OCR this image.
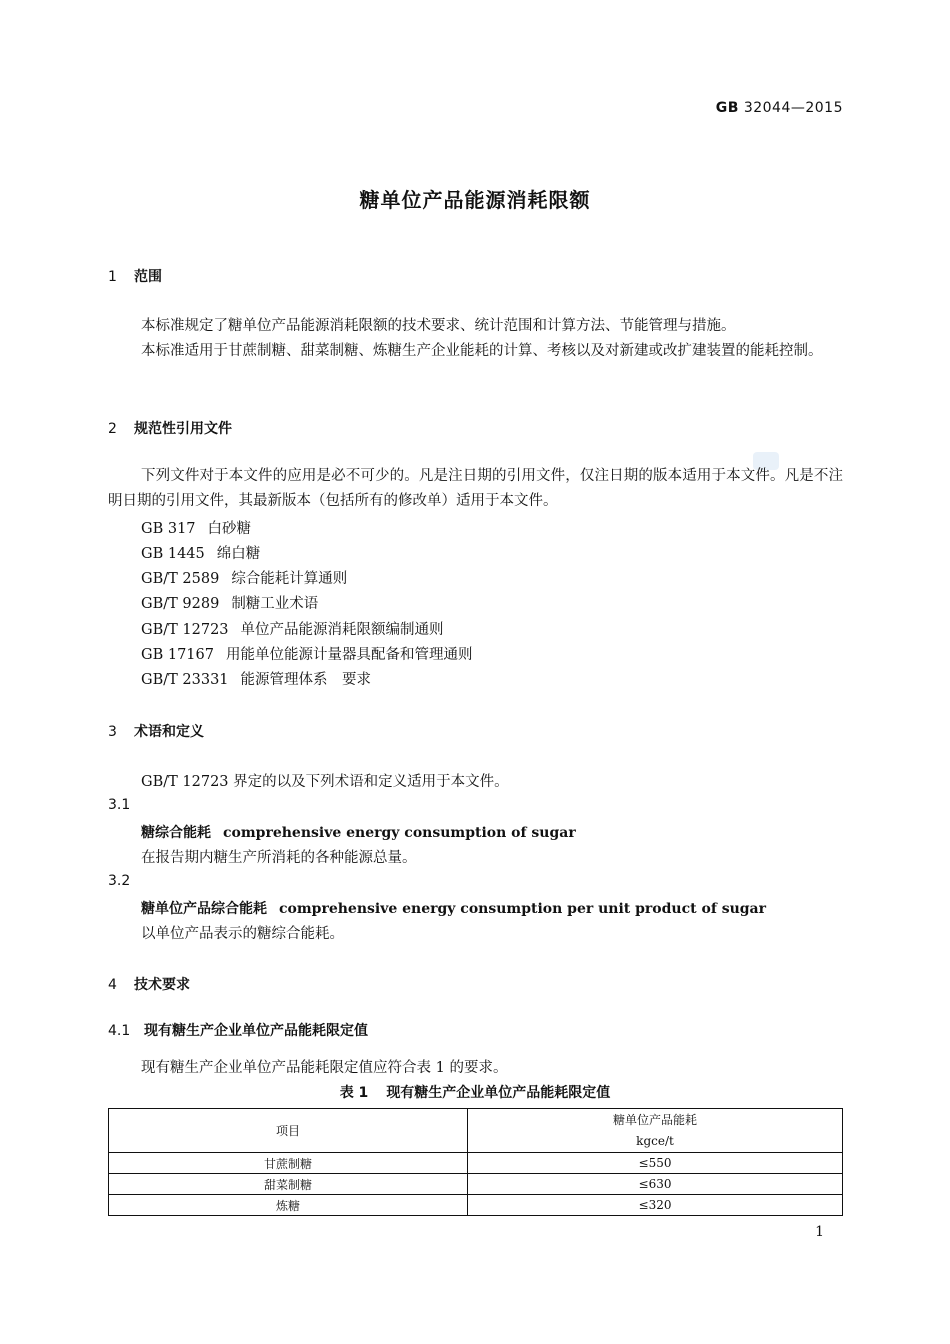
GB 32044—2015
糖单位产品能源消耗限额
1 范围
本标准规定了糖单位产品能源消耗限额的技术要求、统计范围和计算方法、节能管理与措施。
本标准适用于甘蔗制糖、甜菜制糖、炼糖生产企业能耗的计算、考核以及对新建或改扩建装置的能耗控制。
2 规范性引用文件
下列文件对于本文件的应用是必不可少的。凡是注日期的引用文件，仅注日期的版本适用于本文件。凡是不注明日期的引用文件，其最新版本（包括所有的修改单）适用于本文件。
GB 317 白砂糖
GB 1445 绵白糖
GB/T 2589 综合能耗计算通则
GB/T 9289 制糖工业术语
GB/T 12723 单位产品能源消耗限额编制通则
GB 17167 用能单位能源计量器具配备和管理通则
GB/T 23331 能源管理体系　要求
3 术语和定义
GB/T 12723 界定的以及下列术语和定义适用于本文件。
3.1
糖综合能耗 comprehensive energy consumption of sugar
在报告期内糖生产所消耗的各种能源总量。
3.2
糖单位产品综合能耗 comprehensive energy consumption per unit product of sugar
以单位产品表示的糖综合能耗。
4 技术要求
4.1 现有糖生产企业单位产品能耗限定值
现有糖生产企业单位产品能耗限定值应符合表 1 的要求。
表 1 现有糖生产企业单位产品能耗限定值
项目	糖单位产品能耗
kgce/t

甘蔗制糖	≤550
甜菜制糖	≤630
炼糖	≤320
1
